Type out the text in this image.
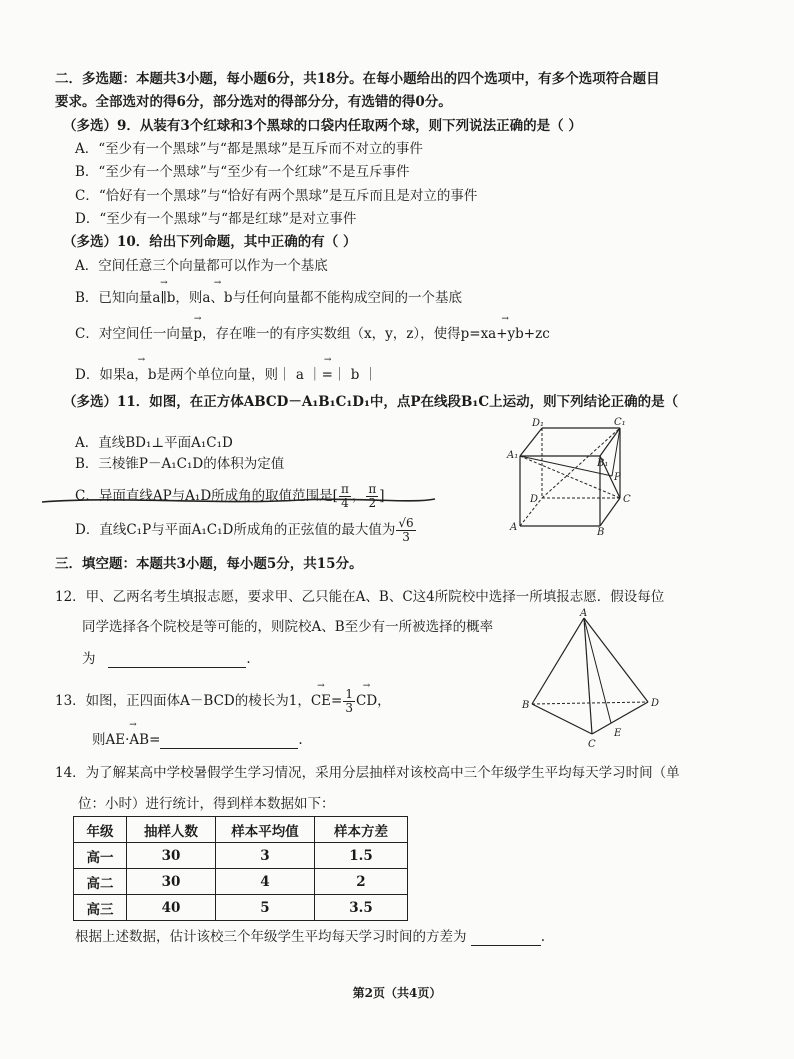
二．多选题：本题共3小题，每小题6分，共18分。在每小题给出的四个选项中，有多个选项符合题目
要求。全部选对的得6分，部分选对的得部分分，有选错的得0分。
（多选）9．从装有3个红球和3个黑球的口袋内任取两个球，则下列说法正确的是（ ）
A．“至少有一个黑球”与“都是黑球”是互斥而不对立的事件
B．“至少有一个黑球”与“至少有一个红球”不是互斥事件
C．“恰好有一个黑球”与“恰好有两个黑球”是互斥而且是对立的事件
D．“至少有一个黑球”与“都是红球”是对立事件
（多选）10．给出下列命题，其中正确的有（ ）
A．空间任意三个向量都可以作为一个基底
B．已知向量→ a∥b，则→ a、b与任何向量都不能构成空间的一个基底
C．对空间任一向量→ p，存在唯一的有序实数组（x，y，z），使得→ p=xa+yb+zc
D．如果→ a，b是两个单位向量，则→ ｜ a ｜=｜ b ｜
（多选）11．如图，在正方体ABCD－A₁B₁C₁D₁中，点P在线段B₁C上运动，则下列结论正确的是（
A．直线BD₁⊥平面A₁C₁D
B．三棱锥P－A₁C₁D的体积为定值
C．异面直线AP与A₁D所成角的取值范围是[ $\frac{\pi}{4}$ ， $\frac{\pi}{2}$ ]
D．直线C₁P与平面A₁C₁D所成角的正弦值的最大值为 $\frac{√6}{3}$
D₁	C₁
A₁
B₁
D	C
A	B
P
三．填空题：本题共3小题，每小题5分，共15分。
12．甲、乙两名考生填报志愿，要求甲、乙只能在A、B、C这4所院校中选择一所填报志愿．假设每位
同学选择各个院校是等可能的，则院校A、B至少有一所被选择的概率
为	.
A
B
C
D
E
13．如图，正四面体A－BCD的棱长为1，→ $CE= \frac{1}{3}$ → CD，
则→ AE·AB=	.
14．为了解某高中学校暑假学生学习情况，采用分层抽样对该校高中三个年级学生平均每天学习时间（单
位：小时）进行统计，得到样本数据如下：
年级	抽样人数	样本平均值	样本方差
高一	30	3	1.5
高二	30	4	2
高三	40	5	3.5
根据上述数据，估计该校三个年级学生平均每天学习时间的方差为	.
第2页（共4页）
